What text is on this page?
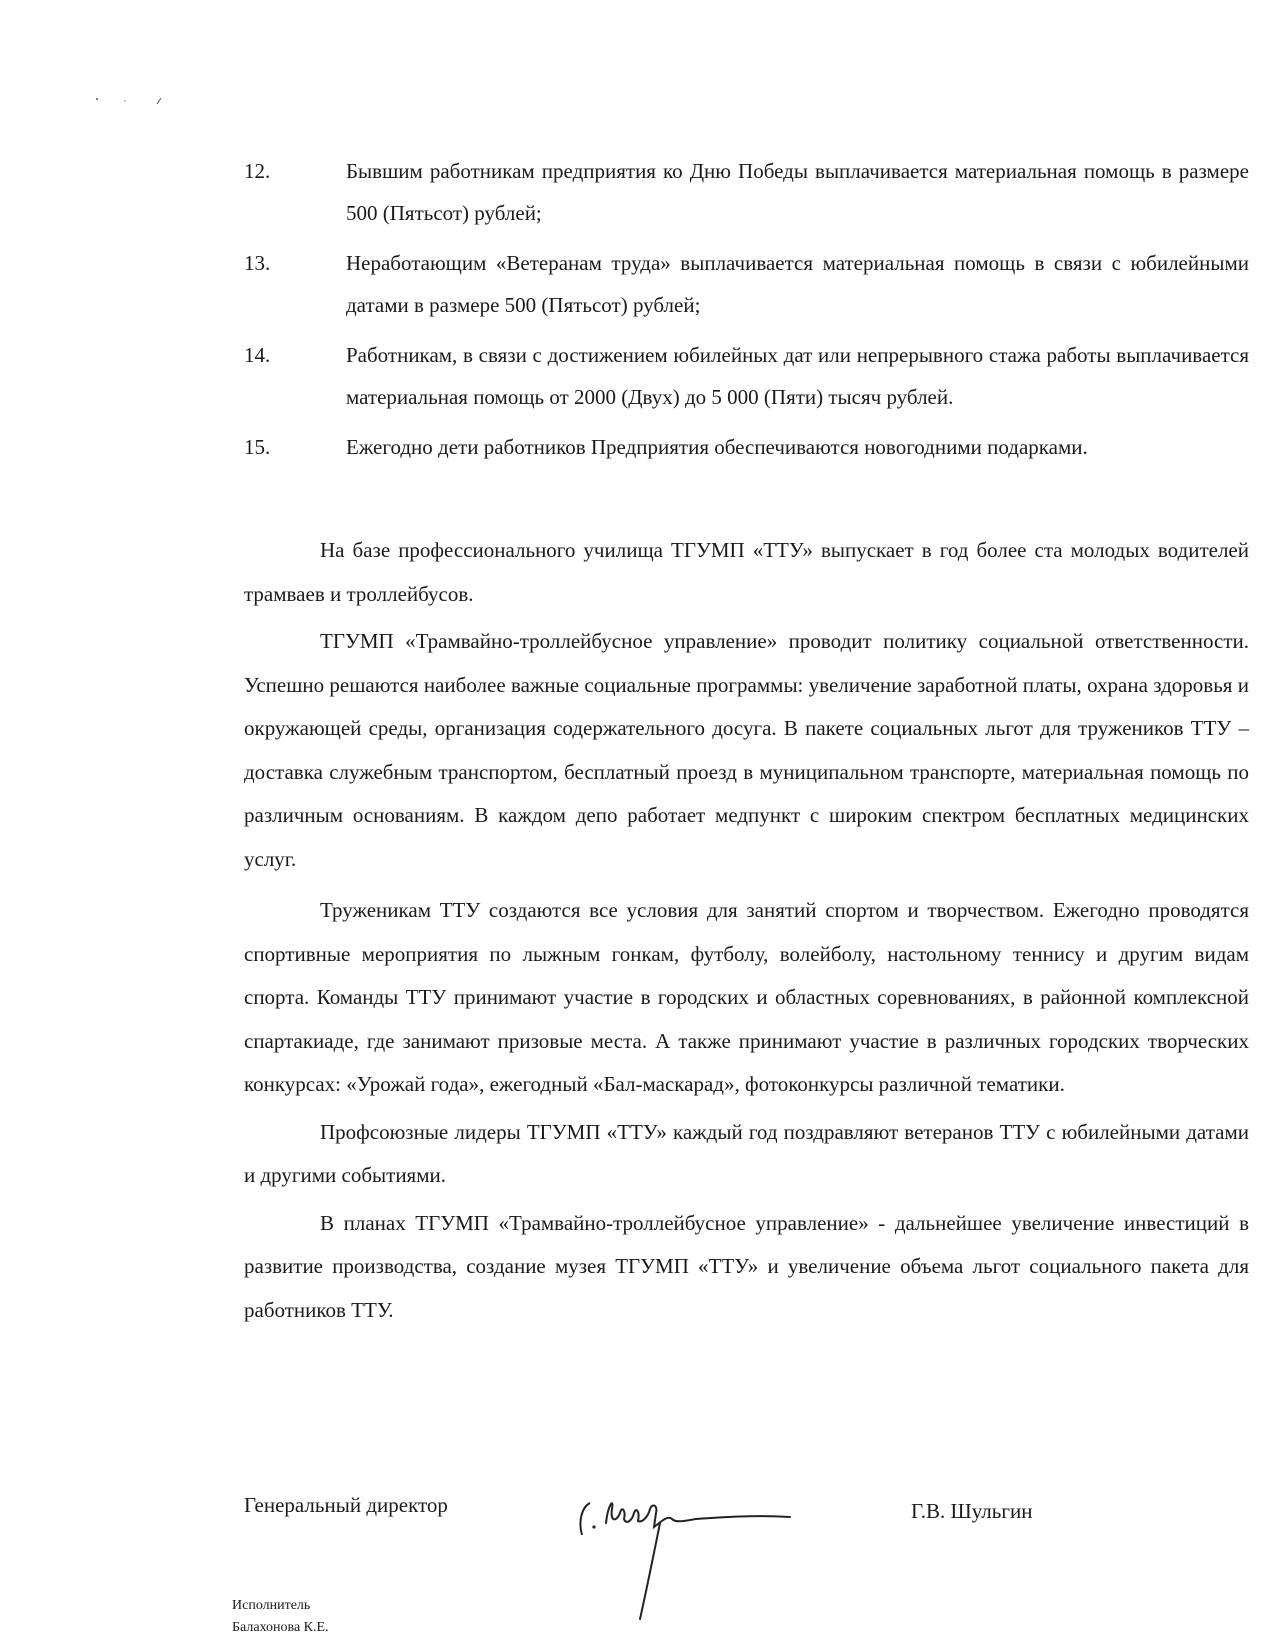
12.	Бывшим работникам предприятия ко Дню Победы выплачивается материальная помощь в размере 500 (Пятьсот) рублей;
13.	Неработающим «Ветеранам труда» выплачивается материальная помощь в связи с юбилейными датами в размере 500 (Пятьсот) рублей;
14.	Работникам, в связи с достижением юбилейных дат или непрерывного стажа работы выплачивается материальная помощь от 2000 (Двух) до 5 000 (Пяти) тысяч рублей.
15.	Ежегодно дети работников Предприятия обеспечиваются новогодними подарками.

На базе профессионального училища ТГУМП «ТТУ» выпускает в год более ста молодых водителей трамваев и троллейбусов.

ТГУМП «Трамвайно-троллейбусное управление» проводит политику социальной ответственности. Успешно решаются наиболее важные социальные программы: увеличение заработной платы, охрана здоровья и окружающей среды, организация содержательного досуга. В пакете социальных льгот для тружеников ТТУ – доставка служебным транспортом, бесплатный проезд в муниципальном транспорте, материальная помощь по различным основаниям. В каждом депо работает медпункт с широким спектром бесплатных медицинских услуг.

Труженикам ТТУ создаются все условия для занятий спортом и творчеством. Ежегодно проводятся спортивные мероприятия по лыжным гонкам, футболу, волейболу, настольному теннису и другим видам спорта. Команды ТТУ принимают участие в городских и областных соревнованиях, в районной комплексной спартакиаде, где занимают призовые места. А также принимают участие в различных городских творческих конкурсах: «Урожай года», ежегодный «Бал-маскарад», фотоконкурсы различной тематики.

Профсоюзные лидеры ТГУМП «ТТУ» каждый год поздравляют ветеранов ТТУ с юбилейными датами и другими событиями.

В планах ТГУМП «Трамвайно-троллейбусное управление» - дальнейшее увеличение инвестиций в развитие производства, создание музея ТГУМП «ТТУ» и увеличение объема льгот социального пакета для работников ТТУ.

Генеральный директор	Г.В. Шульгин
Исполнитель
Балахонова К.Е.
